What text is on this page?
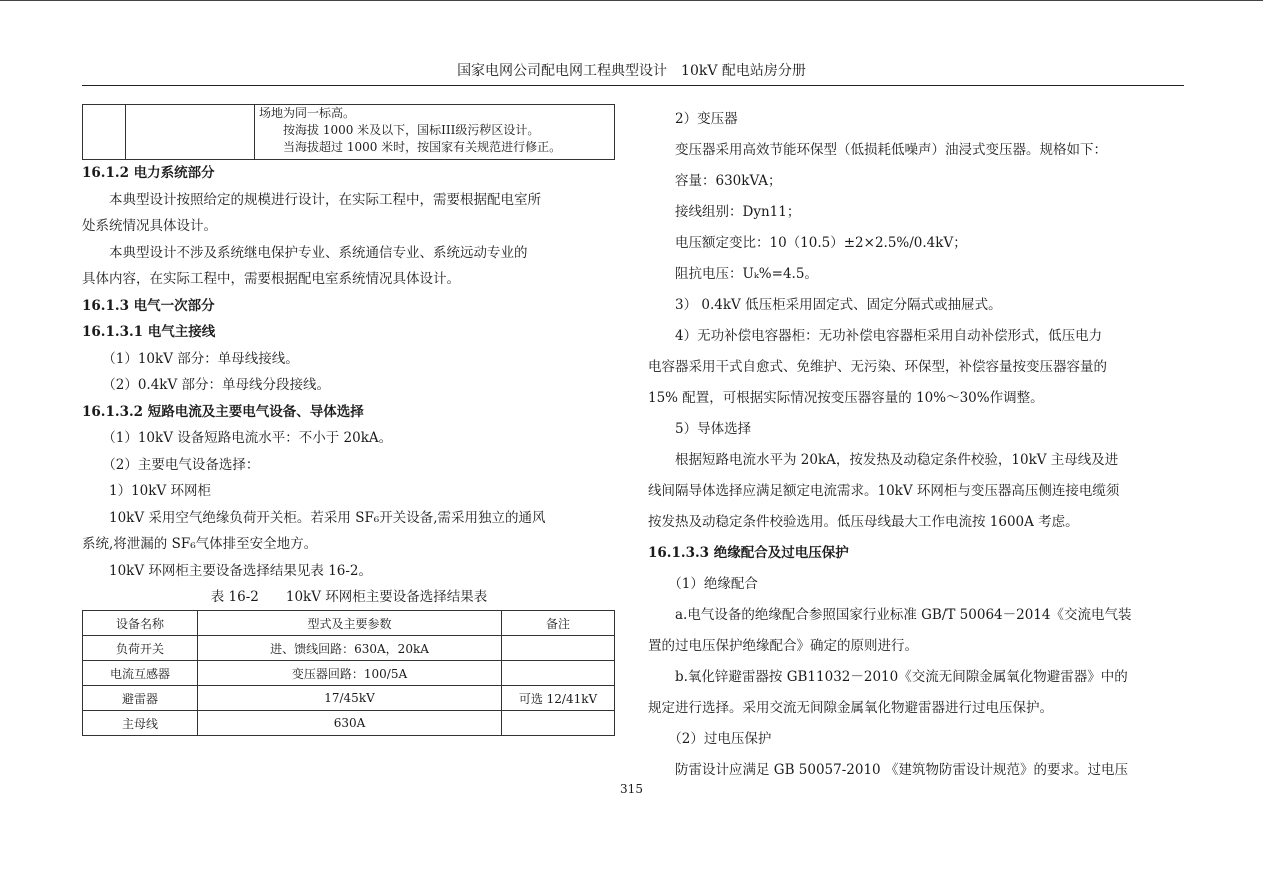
国家电网公司配电网工程典型设计　10kV 配电站房分册

场地为同一标高。
　　按海拔 1000 米及以下，国标III级污秽区设计。
　　当海拔超过 1000 米时，按国家有关规范进行修正。
16.1.2 电力系统部分
　　本典型设计按照给定的规模进行设计，在实际工程中，需要根据配电室所
处系统情况具体设计。
　　本典型设计不涉及系统继电保护专业、系统通信专业、系统远动专业的
具体内容，在实际工程中，需要根据配电室系统情况具体设计。
16.1.3 电气一次部分
16.1.3.1 电气主接线
　　（1）10kV 部分：单母线接线。
　　（2）0.4kV 部分：单母线分段接线。
16.1.3.2 短路电流及主要电气设备、导体选择
　　（1）10kV 设备短路电流水平：不小于 20kA。
　　（2）主要电气设备选择：
　　1）10kV 环网柜
　　10kV 采用空气绝缘负荷开关柜。若采用 SF₆开关设备,需采用独立的通风
系统,将泄漏的 SF₆气体排至安全地方。
　　10kV 环网柜主要设备选择结果见表 16-2。
表 16-2　　10kV 环网柜主要设备选择结果表
设备名称	型式及主要参数	备注
负荷开关	进、馈线回路：630A，20kA	
电流互感器	变压器回路：100/5A	
避雷器	17/45kV	可选 12/41kV
主母线	630A	
　　2）变压器
　　变压器采用高效节能环保型（低损耗低噪声）油浸式变压器。规格如下：
　　容量：630kVA；
　　接线组别：Dyn11；
　　电压额定变比：10（10.5）±2×2.5%/0.4kV；
　　阻抗电压：Uₖ%=4.5。
　　3） 0.4kV 低压柜采用固定式、固定分隔式或抽屉式。
　　4）无功补偿电容器柜：无功补偿电容器柜采用自动补偿形式，低压电力
电容器采用干式自愈式、免维护、无污染、环保型，补偿容量按变压器容量的
15% 配置，可根据实际情况按变压器容量的 10%～30%作调整。
　　5）导体选择
　　根据短路电流水平为 20kA，按发热及动稳定条件校验，10kV 主母线及进
线间隔导体选择应满足额定电流需求。10kV 环网柜与变压器高压侧连接电缆须
按发热及动稳定条件校验选用。低压母线最大工作电流按 1600A 考虑。
16.1.3.3 绝缘配合及过电压保护
　　（1）绝缘配合
　　a.电气设备的绝缘配合参照国家行业标准 GB/T 50064－2014《交流电气装
置的过电压保护绝缘配合》确定的原则进行。
　　b.氧化锌避雷器按 GB11032－2010《交流无间隙金属氧化物避雷器》中的
规定进行选择。采用交流无间隙金属氧化物避雷器进行过电压保护。
　　（2）过电压保护
　　防雷设计应满足 GB 50057-2010 《建筑物防雷设计规范》的要求。过电压
315
